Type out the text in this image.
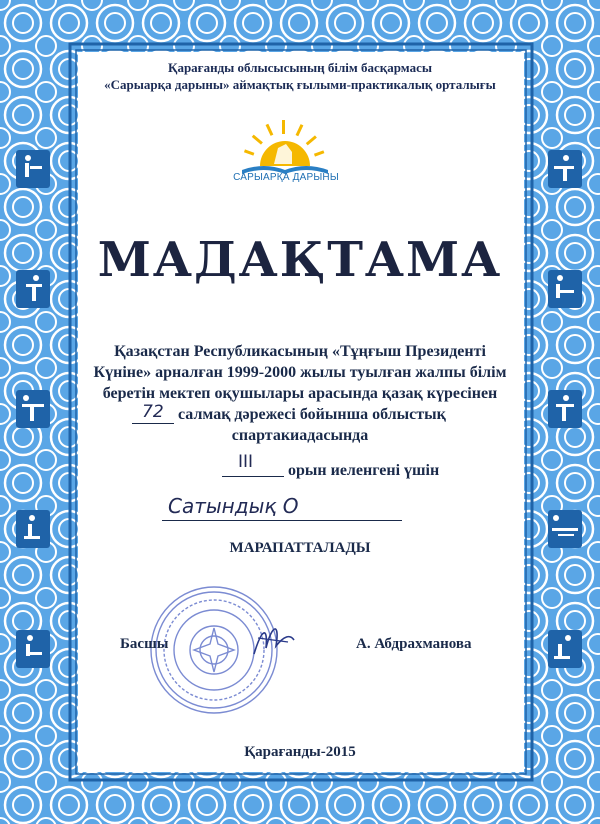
Қарағанды облысысының білім басқармасы
«Сарыарқа дарыны» аймақтық ғылыми-практикалық орталығы
САРЫАРҚА ДАРЫНЫ
МАДАҚТАМА
Қазақстан Республикасының «Тұңғыш Президенті
Күніне» арналған 1999-2000 жылы туылған жалпы білім
беретін мектеп оқушылары арасында қазақ күресінен
72 салмақ дәрежесі бойынша облыстық
спартакиадасында
III орын иеленгені үшін
Сатындық О
МАРАПАТТАЛАДЫ
Басшы	А. Абдрахманова
Қарағанды-2015
